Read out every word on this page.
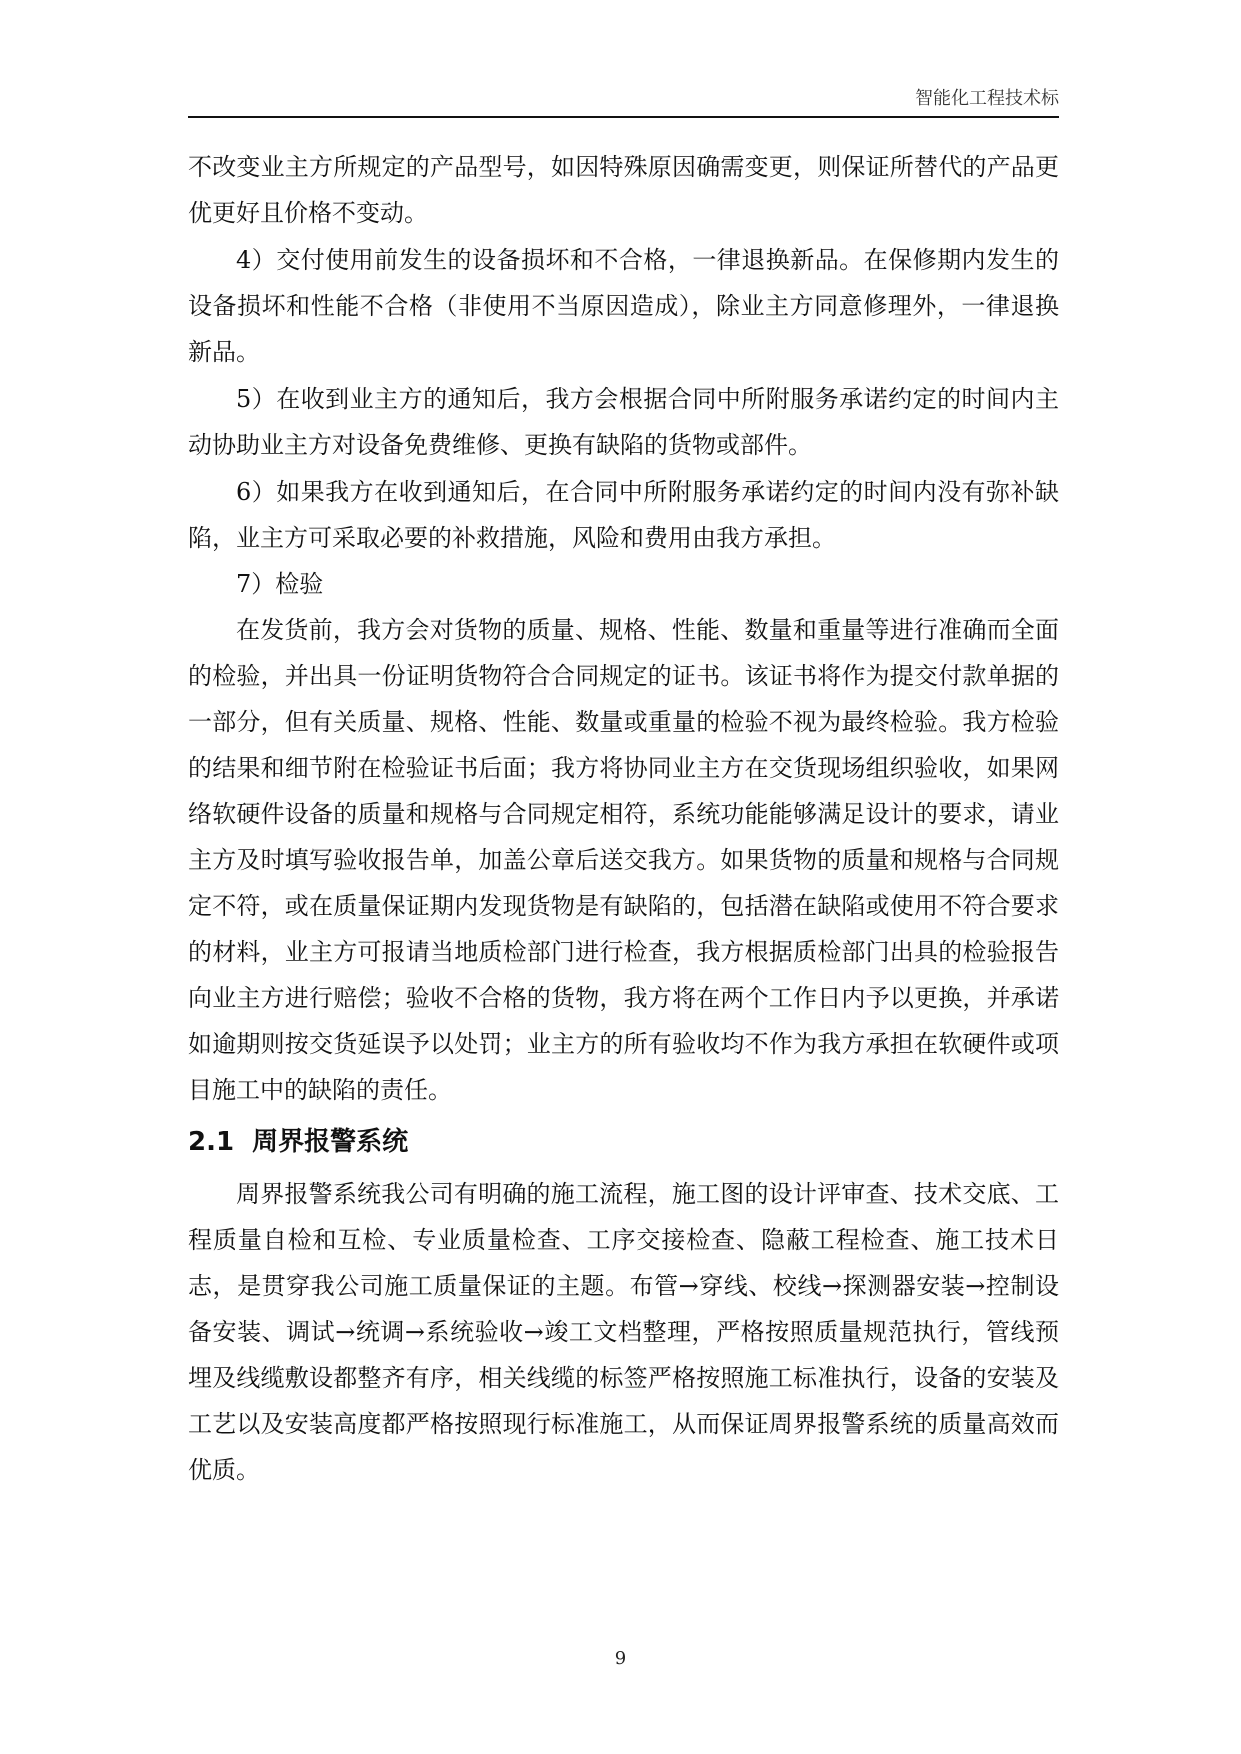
智能化工程技术标

不改变业主方所规定的产品型号，如因特殊原因确需变更，则保证所替代的产品更优更好且价格不变动。

4）交付使用前发生的设备损坏和不合格，一律退换新品。在保修期内发生的设备损坏和性能不合格（非使用不当原因造成），除业主方同意修理外，一律退换新品。

5）在收到业主方的通知后，我方会根据合同中所附服务承诺约定的时间内主动协助业主方对设备免费维修、更换有缺陷的货物或部件。

6）如果我方在收到通知后，在合同中所附服务承诺约定的时间内没有弥补缺陷，业主方可采取必要的补救措施，风险和费用由我方承担。

7）检验

在发货前，我方会对货物的质量、规格、性能、数量和重量等进行准确而全面的检验，并出具一份证明货物符合合同规定的证书。该证书将作为提交付款单据的一部分，但有关质量、规格、性能、数量或重量的检验不视为最终检验。我方检验的结果和细节附在检验证书后面；我方将协同业主方在交货现场组织验收，如果网络软硬件设备的质量和规格与合同规定相符，系统功能能够满足设计的要求，请业主方及时填写验收报告单，加盖公章后送交我方。如果货物的质量和规格与合同规定不符，或在质量保证期内发现货物是有缺陷的，包括潜在缺陷或使用不符合要求的材料，业主方可报请当地质检部门进行检查，我方根据质检部门出具的检验报告向业主方进行赔偿；验收不合格的货物，我方将在两个工作日内予以更换，并承诺如逾期则按交货延误予以处罚；业主方的所有验收均不作为我方承担在软硬件或项目施工中的缺陷的责任。

2.1 周界报警系统

周界报警系统我公司有明确的施工流程，施工图的设计评审查、技术交底、工程质量自检和互检、专业质量检查、工序交接检查、隐蔽工程检查、施工技术日志，是贯穿我公司施工质量保证的主题。布管→穿线、校线→探测器安装→控制设备安装、调试→统调→系统验收→竣工文档整理，严格按照质量规范执行，管线预埋及线缆敷设都整齐有序，相关线缆的标签严格按照施工标准执行，设备的安装及工艺以及安装高度都严格按照现行标准施工，从而保证周界报警系统的质量高效而优质。

9
